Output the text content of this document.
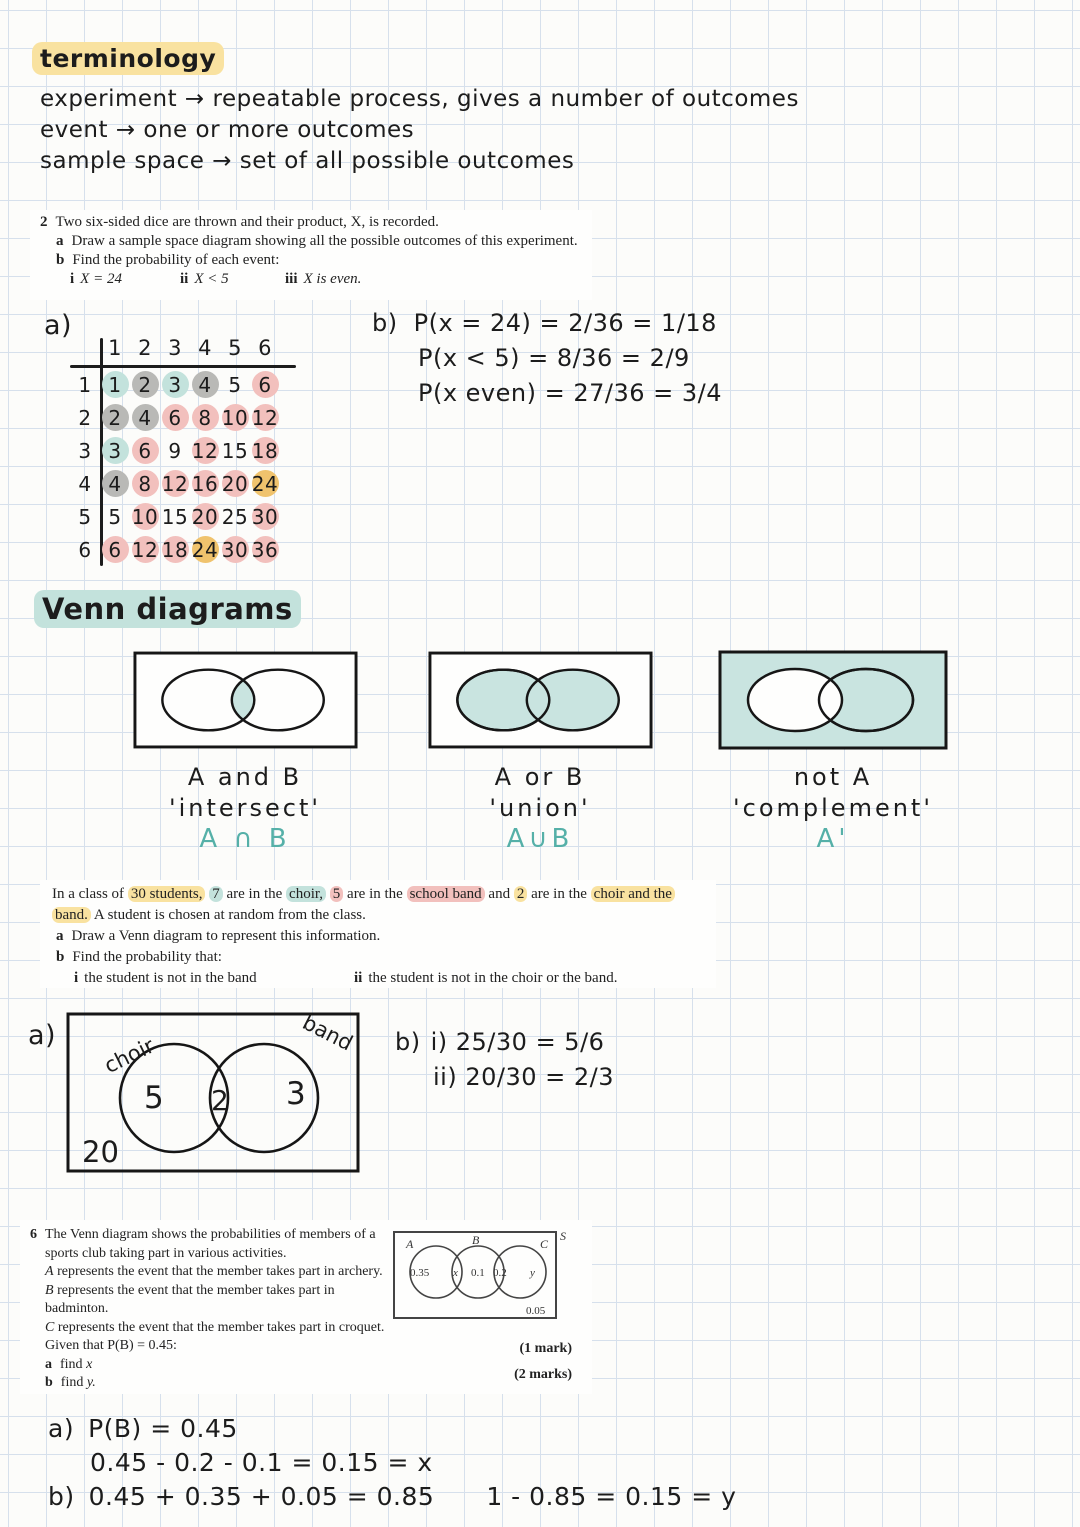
terminology
experiment → repeatable process, gives a number of outcomes
event → one or more outcomes
sample space → set of all possible outcomes
2 Two six-sided dice are thrown and their product, X, is recorded.
a Draw a sample space diagram showing all the possible outcomes of this experiment.
b Find the probability of each event:
i X = 24	ii X < 5	iii X is even.
a)
1 2 3 4 5 6
1 1 2 3 4 5 6
2 2 4 6 8 10 12
3 3 6 9 12 15 18
4 4 8 12 16 20 24
5 5 10 15 20 25 30
6 6 12 18 24 30 36
b) P(x = 24) = 2/36 = 1/18
P(x < 5) = 8/36 = 2/9
P(x even) = 27/36 = 3/4
Venn diagrams
A and B
'intersect'
A ∩ B
A or B
'union'
A∪B
not A
'complement'
A'
In a class of 30 students, 7 are in the choir, 5 are in the school band and 2 are in the choir and the
band. A student is chosen at random from the class.
a Draw a Venn diagram to represent this information.
b Find the probability that:
i the student is not in the band	ii the student is not in the choir or the band.
a) choir
band
5 2 3
20
b) i) 25/30 = 5/6
ii) 20/30 = 2/3
6 The Venn diagram shows the probabilities of members of a
sports club taking part in various activities.
A represents the event that the member takes part in archery.
B represents the event that the member takes part in
badminton.
C represents the event that the member takes part in croquet.
Given that P(B) = 0.45:
a find x
b find y.
(1 mark)
(2 marks)
A	B	C
S
0.35 x 0.1 0.2 y
0.05
a) P(B) = 0.45
0.45 - 0.2 - 0.1 = 0.15 = x
b) 0.45 + 0.35 + 0.05 = 0.85 1 - 0.85 = 0.15 = y
